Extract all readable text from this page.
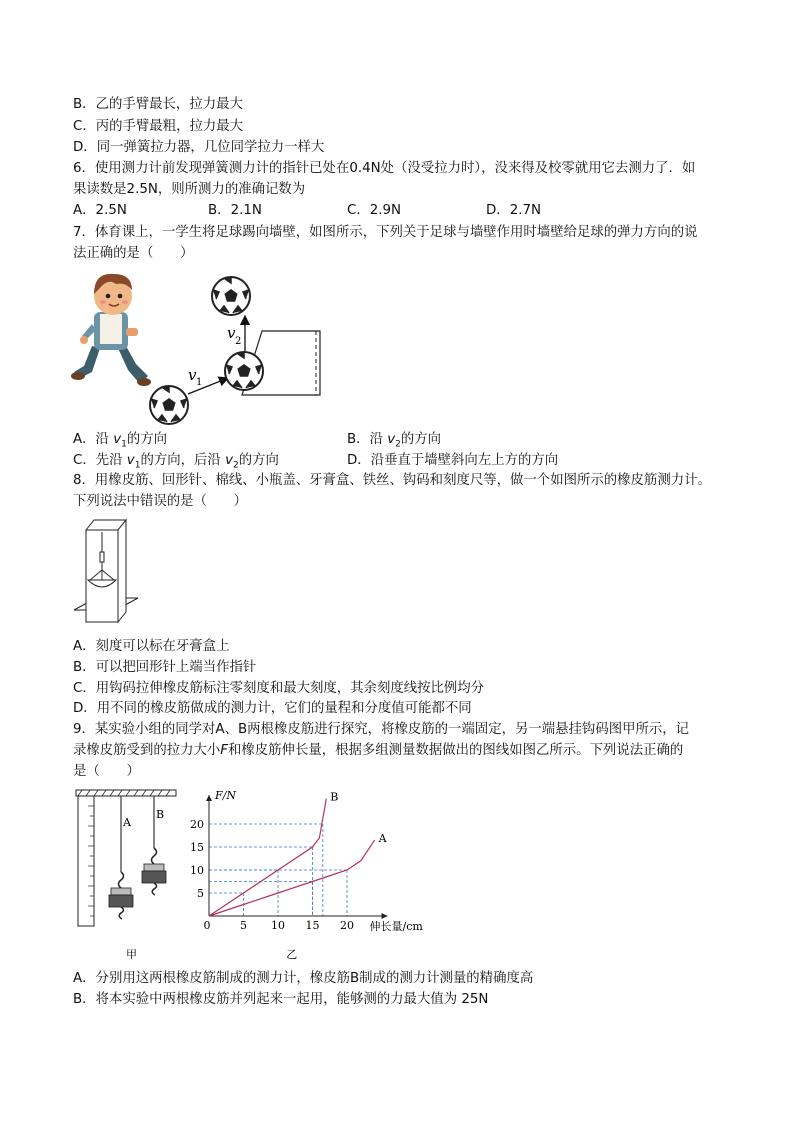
B．乙的手臂最长，拉力最大

C．丙的手臂最粗，拉力最大

D．同一弹簧拉力器，几位同学拉力一样大

6．使用测力计前发现弹簧测力计的指针已处在0.4N处（没受拉力时），没来得及校零就用它去测力了．如

果读数是2.5N，则所测力的准确记数为

A．2.5N	B．2.1N	C．2.9N	D．2.7N

7．体育课上，一学生将足球踢向墙壁，如图所示，下列关于足球与墙壁作用时墙壁给足球的弹力方向的说

法正确的是（　　）

v 1
v 2
A．沿 $v_1$的方向	B．沿 $v_2$的方向
C．先沿 $v_1$的方向，后沿 $v_2$的方向	D．沿垂直于墙壁斜向左上方的方向

8．用橡皮筋、回形针、棉线、小瓶盖、牙膏盒、铁丝、钩码和刻度尺等，做一个如图所示的橡皮筋测力计。

下列说法中错误的是（　　）

A．刻度可以标在牙膏盒上

B．可以把回形针上端当作指针

C．用钩码拉伸橡皮筋标注零刻度和最大刻度，其余刻度线按比例均分

D．用不同的橡皮筋做成的测力计，它们的量程和分度值可能都不同

9．某实验小组的同学对A、B两根橡皮筋进行探究，将橡皮筋的一端固定，另一端悬挂钩码图甲所示，记

录橡皮筋受到的拉力大小F和橡皮筋伸长量，根据多组测量数据做出的图线如图乙所示。下列说法正确的

是（　　）

A
B
甲
5 10 15 20
5
10
15
20
0
F/N
伸长量/cm
A
B
乙

A．分别用这两根橡皮筋制成的测力计，橡皮筋B制成的测力计测量的精确度高

B．将本实验中两根橡皮筋并列起来一起用，能够测的力最大值为 25N
